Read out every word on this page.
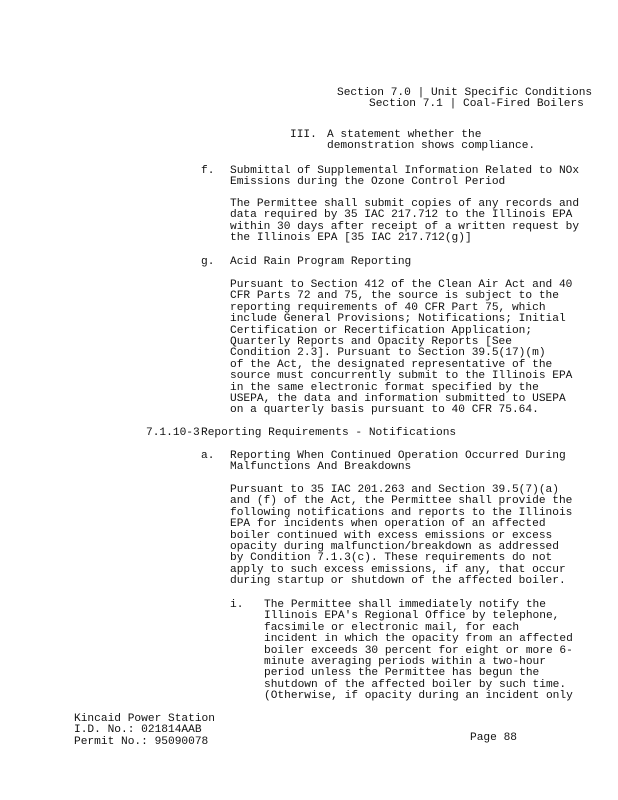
Section 7.0 | Unit Specific Conditions
Section 7.1 | Coal-Fired Boilers
III. A statement whether the
demonstration shows compliance.
f. Submittal of Supplemental Information Related to NOx
Emissions during the Ozone Control Period
The Permittee shall submit copies of any records and
data required by 35 IAC 217.712 to the Illinois EPA
within 30 days after receipt of a written request by
the Illinois EPA [35 IAC 217.712(g)]
g. Acid Rain Program Reporting
Pursuant to Section 412 of the Clean Air Act and 40
CFR Parts 72 and 75, the source is subject to the
reporting requirements of 40 CFR Part 75, which
include General Provisions; Notifications; Initial
Certification or Recertification Application;
Quarterly Reports and Opacity Reports [See
Condition 2.3]. Pursuant to Section 39.5(17)(m)
of the Act, the designated representative of the
source must concurrently submit to the Illinois EPA
in the same electronic format specified by the
USEPA, the data and information submitted to USEPA
on a quarterly basis pursuant to 40 CFR 75.64.
7.1.10-3 Reporting Requirements - Notifications
a. Reporting When Continued Operation Occurred During
Malfunctions And Breakdowns
Pursuant to 35 IAC 201.263 and Section 39.5(7)(a)
and (f) of the Act, the Permittee shall provide the
following notifications and reports to the Illinois
EPA for incidents when operation of an affected
boiler continued with excess emissions or excess
opacity during malfunction/breakdown as addressed
by Condition 7.1.3(c). These requirements do not
apply to such excess emissions, if any, that occur
during startup or shutdown of the affected boiler.
i. The Permittee shall immediately notify the
Illinois EPA's Regional Office by telephone,
facsimile or electronic mail, for each
incident in which the opacity from an affected
boiler exceeds 30 percent for eight or more 6-
minute averaging periods within a two-hour
period unless the Permittee has begun the
shutdown of the affected boiler by such time.
(Otherwise, if opacity during an incident only
Kincaid Power Station
I.D. No.: 021814AAB
Permit No.: 95090078	Page 88
